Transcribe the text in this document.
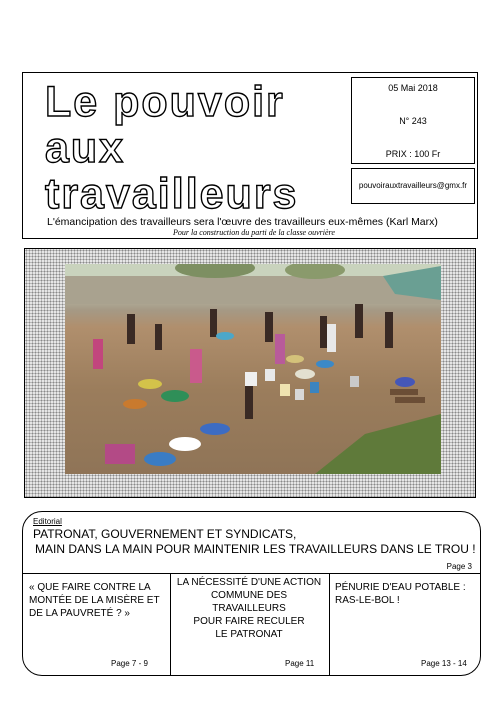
Le pouvoir
aux
travailleurs
05 Mai 2018
N° 243
PRIX : 100 Fr
pouvoirauxtravailleurs@gmx.fr
L'émancipation des travailleurs sera l'œuvre des travailleurs eux-mêmes (Karl Marx)
Pour la construction du parti de la classe ouvrière
Editorial
PATRONAT, GOUVERNEMENT ET SYNDICATS,
MAIN DANS LA MAIN POUR MAINTENIR LES TRAVAILLEURS DANS LE TROU !
Page 3
« QUE FAIRE CONTRE LA
MONTÉE DE LA MISÈRE ET
DE LA PAUVRETÉ ? »
LA NÉCESSITÉ D'UNE ACTION
COMMUNE DES
TRAVAILLEURS
POUR FAIRE RECULER
LE PATRONAT
PÉNURIE D'EAU POTABLE :
RAS-LE-BOL !
Page 7 - 9	Page 11	Page 13 - 14
